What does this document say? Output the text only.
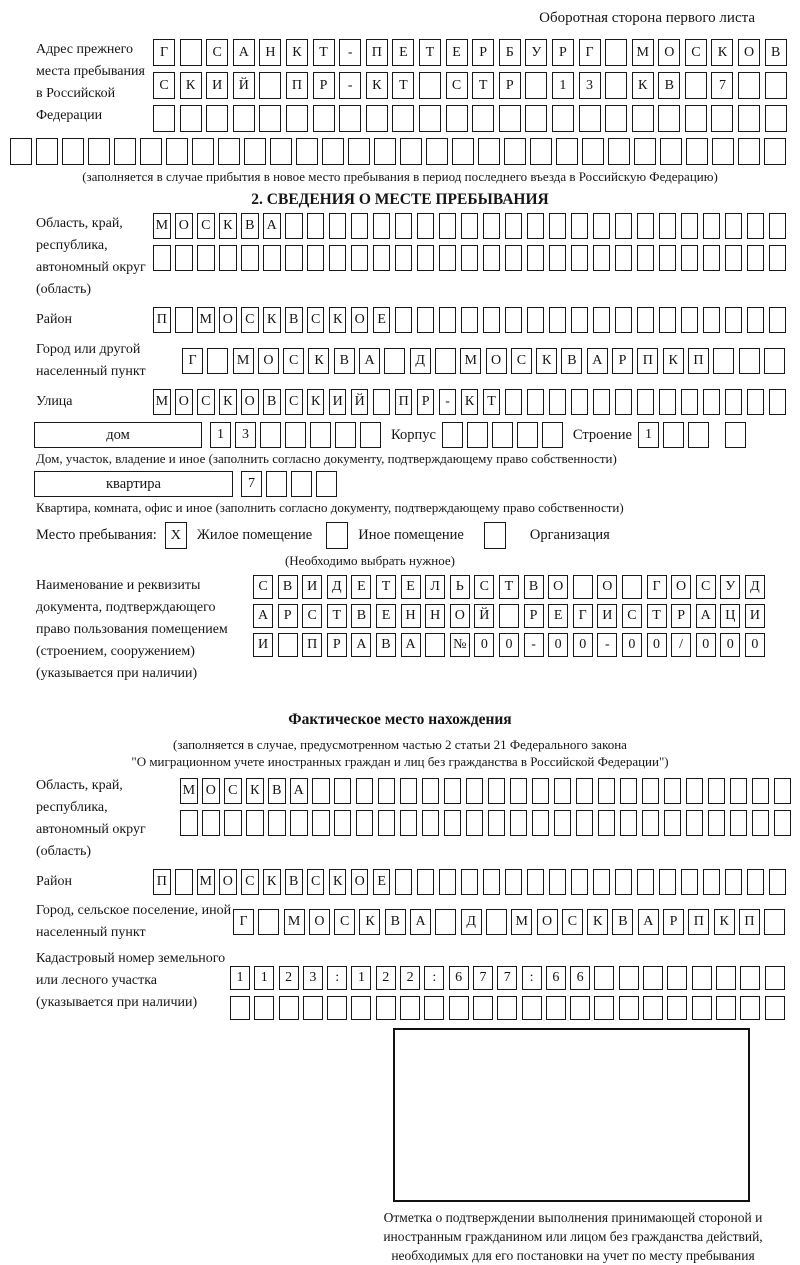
Оборотная сторона первого листа
Адрес прежнего места пребывания в Российской Федерации
Г	С	А	Н	К	Т	-	П	Е	Т	Е	Р	Б	У	Р	Г	М	О	С	К	О	В
С	К	И	Й	П	Р	-	К	Т	С	Т	Р	1	3	К	В	7
(заполняется в случае прибытия в новое место пребывания в период последнего въезда в Российскую Федерацию)
2. СВЕДЕНИЯ О МЕСТЕ ПРЕБЫВАНИЯ
Область, край, республика, автономный округ (область)
М О С К В А
Район	П М О С К В С К О Е
Город или другой населенный пункт
Г	М	О	С	К	В	А	Д	М	О	С	К	В	А	Р	П	К	П
Улица	М О С К О В С К И Й П Р	-	К Т
дом	1	3	Корпус	Строение 1
Дом, участок, владение и иное (заполнить согласно документу, подтверждающему право собственности)
квартира	7
Квартира, комната, офис и иное (заполнить согласно документу, подтверждающему право собственности)
Место пребывания: X	Жилое помещение	Иное помещение	Организация
(Необходимо выбрать нужное)
Наименование и реквизиты документа, подтверждающего право пользования помещением (строением, сооружением) (указывается при наличии)
С	В	И	Д	Е	Т	Е	Л	Ь	С	Т	В	О	О	Г	О	С	У	Д
А	Р	С	Т	В	Е	Н	Н	О	Й	Р	Е	Г	И	С	Т	Р	А	Ц	И
И	П	Р	А	В	А	№	0	0	-	0	0	-	0	0	/	0	0	0
Фактическое место нахождения
(заполняется в случае, предусмотренном частью 2 статьи 21 Федерального закона
"О миграционном учете иностранных граждан и лиц без гражданства в Российской Федерации")
Область, край, республика, автономный округ (область)
М О С К В А
Район	П М О С К В С К О Е
Город, сельское поселение, иной населенный пункт
Г	М	О	С	К	В	А	Д	М	О	С	К	В	А	Р	П	К	П
Кадастровый номер земельного или лесного участка (указывается при наличии)
1	1	2	3	:	1	2	2	:	6	7	7	:	6	6
Отметка о подтверждении выполнения принимающей стороной и иностранным гражданином или лицом без гражданства действий, необходимых для его постановки на учет по месту пребывания
